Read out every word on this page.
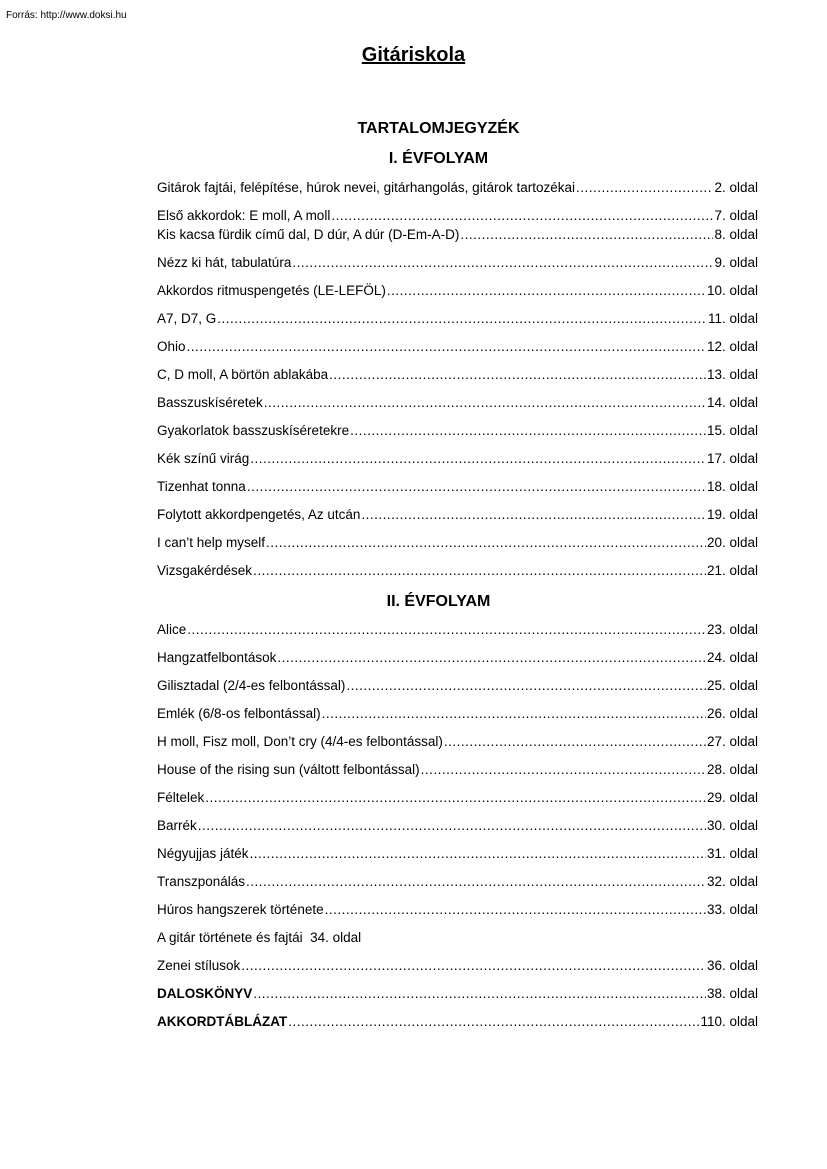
Forrás: http://www.doksi.hu
Gitáriskola
TARTALOMJEGYZÉK
I. ÉVFOLYAM
Gitárok fajtái, felépítése, húrok nevei, gitárhangolás, gitárok tartozékai .....	2. oldal
Első akkordok: E moll, A moll .....	7. oldal
Kis kacsa fürdik című dal, D dúr, A dúr (D-Em-A-D) .....	8. oldal
Nézz ki hát, tabulatúra .....	9. oldal
Akkordos ritmuspengetés (LE-LEFÖL) .....	10. oldal
A7, D7, G .....	11. oldal
Ohio .....	12. oldal
C, D moll, A börtön ablakába .....	13. oldal
Basszuskíséretek .....	14. oldal
Gyakorlatok basszuskíséretekre .....	15. oldal
Kék színű virág .....	17. oldal
Tizenhat tonna .....	18. oldal
Folytott akkordpengetés, Az utcán .....	19. oldal
I can’t help myself .....	20. oldal
Vizsgakérdések .....	21. oldal
II. ÉVFOLYAM
Alice .....	23. oldal
Hangzatfelbontások .....	24. oldal
Gilisztadal (2/4-es felbontással) .....	25. oldal
Emlék (6/8-os felbontással) .....	26. oldal
H moll, Fisz moll, Don’t cry (4/4-es felbontással) .....	27. oldal
House of the rising sun (váltott felbontással) .....	28. oldal
Féltelek .....	29. oldal
Barrék .....	30. oldal
Négyujjas játék .....	31. oldal
Transzponálás .....	32. oldal
Húros hangszerek története .....	33. oldal
A gitár története és fajtái  34. oldal
Zenei stílusok .....	36. oldal
DALOSKÖNYV .....	38. oldal
AKKORDTÁBLÁZAT .....	110. oldal
